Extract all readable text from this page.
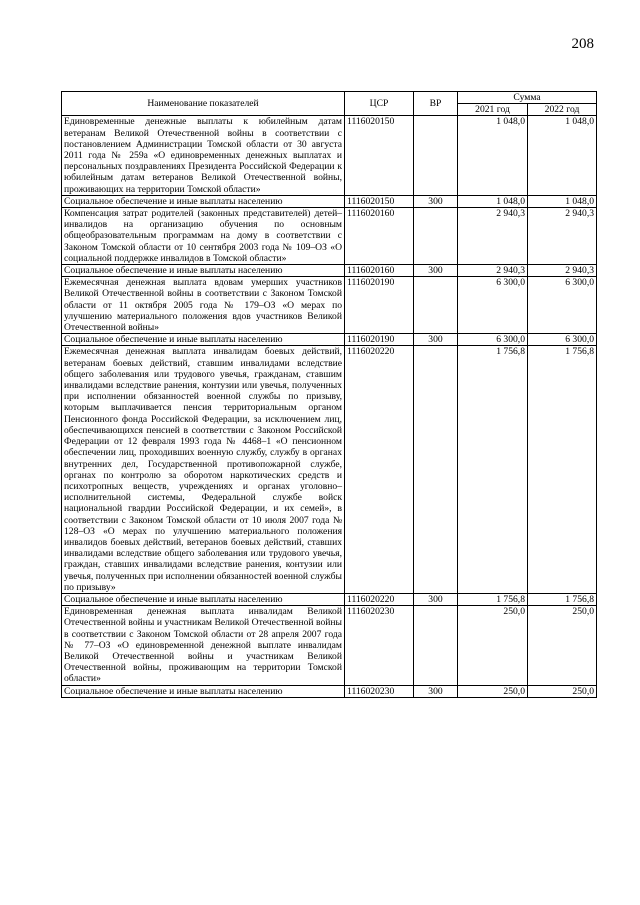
208
Наименование показателей	ЦСР	ВР	Сумма	
			2021 год	2022 год
Единовременные денежные выплаты к юбилейным датам ветеранам Великой Отечественной войны в соответствии с постановлением Администрации Томской области от 30 августа 2011 года № 259а «О единовременных денежных выплатах и персональных поздравлениях Президента Российской Федерации к юбилейным датам ветеранов Великой Отечественной войны, проживающих на территории Томской области»	1116020150		1 048,0	1 048,0
Социальное обеспечение и иные выплаты населению	1116020150	300	1 048,0	1 048,0
Компенсация затрат родителей (законных представителей) детей–инвалидов на организацию обучения по основным общеобразовательным программам на дому в соответствии с Законом Томской области от 10 сентября 2003 года № 109–ОЗ «О социальной поддержке инвалидов в Томской области»	1116020160		2 940,3	2 940,3
Социальное обеспечение и иные выплаты населению	1116020160	300	2 940,3	2 940,3
Ежемесячная денежная выплата вдовам умерших участников Великой Отечественной войны в соответствии с Законом Томской области от 11 октября 2005 года № 179–ОЗ «О мерах по улучшению материального положения вдов участников Великой Отечественной войны»	1116020190		6 300,0	6 300,0
Социальное обеспечение и иные выплаты населению	1116020190	300	6 300,0	6 300,0
Ежемесячная денежная выплата инвалидам боевых действий, ветеранам боевых действий, ставшим инвалидами вследствие общего заболевания или трудового увечья, гражданам, ставшим инвалидами вследствие ранения, контузии или увечья, полученных при исполнении обязанностей военной службы по призыву, которым выплачивается пенсия территориальным органом Пенсионного фонда Российской Федерации, за исключением лиц, обеспечивающихся пенсией в соответствии с Законом Российской Федерации от 12 февраля 1993 года № 4468–1 «О пенсионном обеспечении лиц, проходивших военную службу, службу в органах внутренних дел, Государственной противопожарной службе, органах по контролю за оборотом наркотических средств и психотропных веществ, учреждениях и органах уголовно–исполнительной системы, Федеральной службе войск национальной гвардии Российской Федерации, и их семей», в соответствии с Законом Томской области от 10 июля 2007 года № 128–ОЗ «О мерах по улучшению материального положения инвалидов боевых действий, ветеранов боевых действий, ставших инвалидами вследствие общего заболевания или трудового увечья, граждан, ставших инвалидами вследствие ранения, контузии или увечья, полученных при исполнении обязанностей военной службы по призыву»	1116020220		1 756,8	1 756,8
Социальное обеспечение и иные выплаты населению	1116020220	300	1 756,8	1 756,8
Единовременная денежная выплата инвалидам Великой Отечественной войны и участникам Великой Отечественной войны в соответствии с Законом Томской области от 28 апреля 2007 года № 77–ОЗ «О единовременной денежной выплате инвалидам Великой Отечественной войны и участникам Великой Отечественной войны, проживающим на территории Томской области»	1116020230		250,0	250,0
Социальное обеспечение и иные выплаты населению	1116020230	300	250,0	250,0
